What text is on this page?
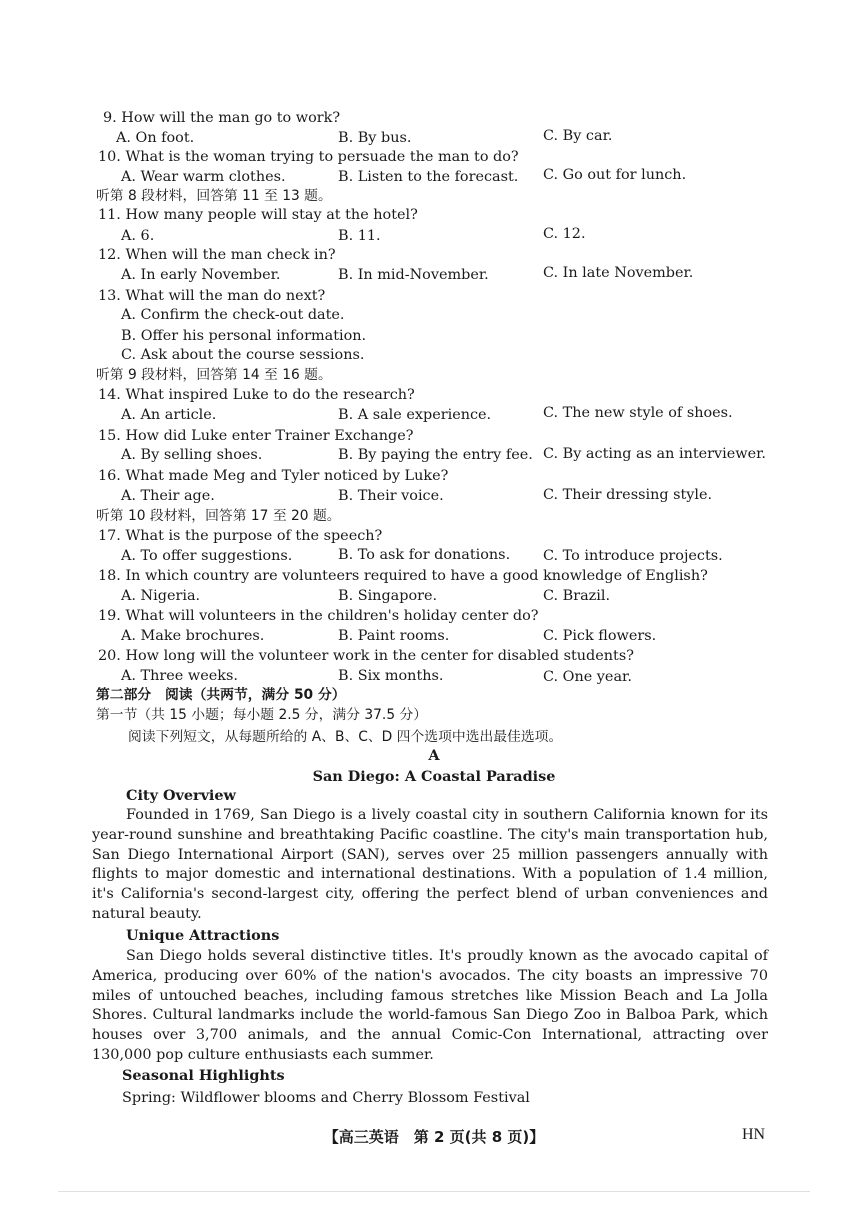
9. How will the man go to work?
A. On foot.	B. By bus.	C. By car.
10. What is the woman trying to persuade the man to do?
A. Wear warm clothes.	B. Listen to the forecast. C. Go out for lunch.
听第 8 段材料，回答第 11 至 13 题。
11. How many people will stay at the hotel?
A. 6.	B. 11.	C. 12.
12. When will the man check in?
A. In early November.	B. In mid-November.	C. In late November.
13. What will the man do next?
A. Confirm the check-out date.
B. Offer his personal information.
C. Ask about the course sessions.
听第 9 段材料，回答第 14 至 16 题。
14. What inspired Luke to do the research?
A. An article.	B. A sale experience.	C. The new style of shoes.
15. How did Luke enter Trainer Exchange?
A. By selling shoes.	B. By paying the entry fee. C. By acting as an interviewer.
16. What made Meg and Tyler noticed by Luke?
A. Their age.	B. Their voice.	C. Their dressing style.
听第 10 段材料，回答第 17 至 20 题。
17. What is the purpose of the speech?
A. To offer suggestions.	B. To ask for donations. C. To introduce projects.
18. In which country are volunteers required to have a good knowledge of English?
A. Nigeria.	B. Singapore.	C. Brazil.
19. What will volunteers in the children's holiday center do?
A. Make brochures.	B. Paint rooms.	C. Pick flowers.
20. How long will the volunteer work in the center for disabled students?
A. Three weeks.	B. Six months.	C. One year.
第二部分　阅读（共两节，满分 50 分）
第一节（共 15 小题；每小题 2.5 分，满分 37.5 分）
阅读下列短文，从每题所给的 A、B、C、D 四个选项中选出最佳选项。
A
San Diego: A Coastal Paradise
City Overview

Founded in 1769, San Diego is a lively coastal city in southern California known for its year-round sunshine and breathtaking Pacific coastline. The city's main transportation hub, San Diego International Airport (SAN), serves over 25 million passengers annually with flights to major domestic and international destinations. With a population of 1.4 million, it's California's second-largest city, offering the perfect blend of urban conveniences and natural beauty.

Unique Attractions

San Diego holds several distinctive titles. It's proudly known as the avocado capital of America, producing over 60% of the nation's avocados. The city boasts an impressive 70 miles of untouched beaches, including famous stretches like Mission Beach and La Jolla Shores. Cultural landmarks include the world-famous San Diego Zoo in Balboa Park, which houses over 3,700 animals, and the annual Comic-Con International, attracting over 130,000 pop culture enthusiasts each summer.

Seasonal Highlights
Spring: Wildflower blooms and Cherry Blossom Festival
【高三英语　第 2 页(共 8 页)】	HN
